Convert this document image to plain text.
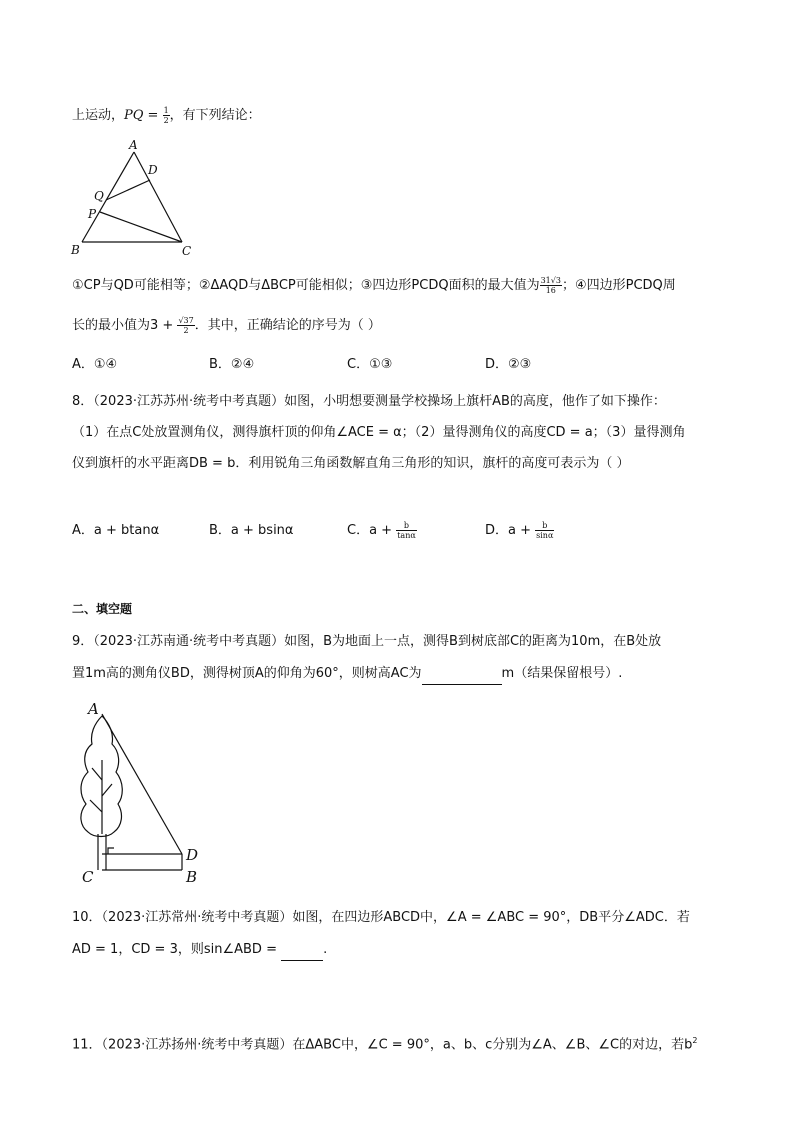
上运动，PQ = $\frac{1}{2}$ ，有下列结论：
A
D
Q
P
B	C
①CP与QD可能相等；②ΔAQD与ΔBCP可能相似；③四边形PCDQ面积的最大值为 $\frac{31√3}{16}$ ；④四边形PCDQ周
长的最小值为$3 + \frac{√37}{2}$ ．其中，正确结论的序号为（ ）
A．①④	B．②④	C．①③	D．②③
8．（2023·江苏苏州·统考中考真题）如图，小明想要测量学校操场上旗杆AB的高度，他作了如下操作：
（1）在点C处放置测角仪，测得旗杆顶的仰角∠ACE = α；（2）量得测角仪的高度CD = a；（3）量得测角
仪到旗杆的水平距离DB = b．利用锐角三角函数解直角三角形的知识，旗杆的高度可表示为（ ）
A．a + btanα	B．a + bsinα	C．$a + \frac{b}{\tan\alpha}$	D．$a + \frac{b}{\sin\alpha}$
二、填空题
9．（2023·江苏南通·统考中考真题）如图，B为地面上一点，测得B到树底部C的距离为10m，在B处放
置1m高的测角仪BD，测得树顶A的仰角为60°，则树高AC为	m（结果保留根号）.
A
C
D
B
10．（2023·江苏常州·统考中考真题）如图，在四边形ABCD中，∠A = ∠ABC = 90°，DB平分∠ADC．若
AD = 1，CD = 3，则sin∠ABD =	.
11．（2023·江苏扬州·统考中考真题）在ΔABC中，∠C = 90°，a、b、c分别为∠A、∠B、∠C的对边，若$b^2$
